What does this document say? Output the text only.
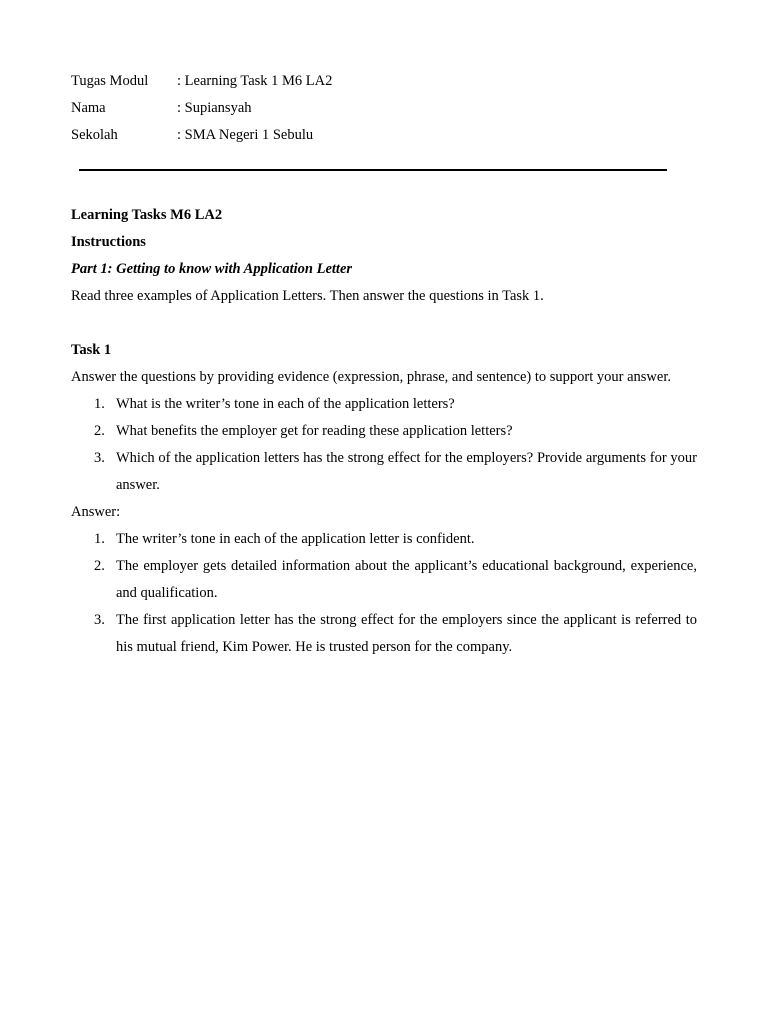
Tugas Modul : Learning Task 1 M6 LA2
Nama	: Supiansyah
Sekolah	: SMA Negeri 1 Sebulu
Learning Tasks M6 LA2
Instructions
Part 1: Getting to know with Application Letter
Read three examples of Application Letters. Then answer the questions in Task 1.
Task 1
Answer the questions by providing evidence (expression, phrase, and sentence) to support your answer.
1. What is the writer’s tone in each of the application letters?
2. What benefits the employer get for reading these application letters?
3. Which of the application letters has the strong effect for the employers? Provide arguments for your answer.
Answer:
1. The writer’s tone in each of the application letter is confident.
2. The employer gets detailed information about the applicant’s educational background, experience, and qualification.
3. The first application letter has the strong effect for the employers since the applicant is referred to his mutual friend, Kim Power. He is trusted person for the company.
